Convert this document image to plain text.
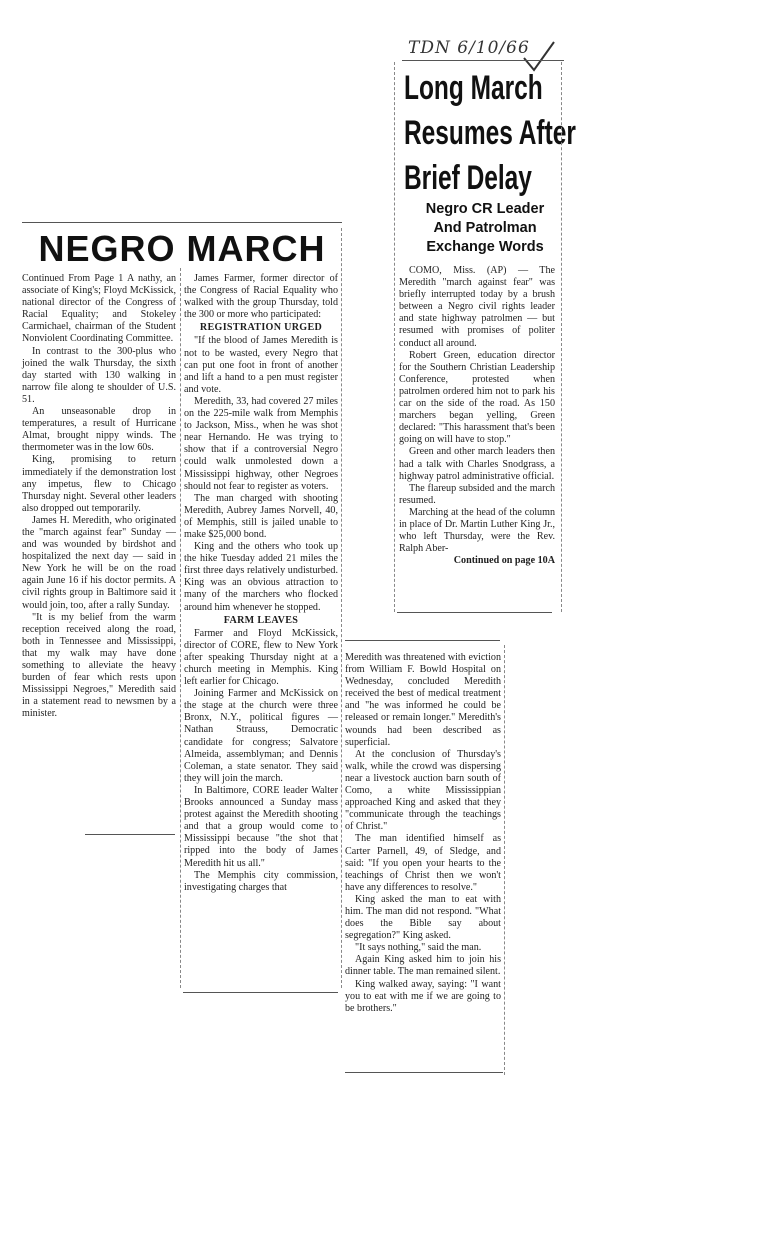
TDN 6/10/66
Long March
Resumes After
Brief Delay
Negro CR Leader
And Patrolman
Exchange Words

COMO, Miss. (AP) — The Meredith "march against fear" was briefly interrupted today by a brush between a Negro civil rights leader and state highway patrolmen — but resumed with promises of politer conduct all around.

Robert Green, education director for the Southern Christian Leadership Conference, protested when patrolmen ordered him not to park his car on the side of the road. As 150 marchers began yelling, Green declared: "This harassment that's been going on will have to stop."

Green and other march leaders then had a talk with Charles Snodgrass, a highway patrol administrative official.

The flareup subsided and the march resumed.

Marching at the head of the column in place of Dr. Martin Luther King Jr., who left Thursday, were the Rev. Ralph Aber-

Continued on page 10A

NEGRO MARCH

Continued From Page 1 A nathy, an associate of King's; Floyd McKissick, national director of the Congress of Racial Equality; and Stokeley Carmichael, chairman of the Student Nonviolent Coordinating Committee.

In contrast to the 300-plus who joined the walk Thursday, the sixth day started with 130 walking in narrow file along te shoulder of U.S. 51.

An unseasonable drop in temperatures, a result of Hurricane Almat, brought nippy winds. The thermometer was in the low 60s.

King, promising to return immediately if the demonstration lost any impetus, flew to Chicago Thursday night. Several other leaders also dropped out temporarily.

James H. Meredith, who originated the "march against fear" Sunday — and was wounded by birdshot and hospitalized the next day — said in New York he will be on the road again June 16 if his doctor permits. A civil rights group in Baltimore said it would join, too, after a rally Sunday.

"It is my belief from the warm reception received along the road, both in Tennessee and Mississippi, that my walk may have done something to alleviate the heavy burden of fear which rests upon Mississippi Negroes," Meredith said in a statement read to newsmen by a minister.

James Farmer, former director of the Congress of Racial Equality who walked with the group Thursday, told the 300 or more who participated:

REGISTRATION URGED

"If the blood of James Meredith is not to be wasted, every Negro that can put one foot in front of another and lift a hand to a pen must register and vote.

Meredith, 33, had covered 27 miles on the 225-mile walk from Memphis to Jackson, Miss., when he was shot near Hernando. He was trying to show that if a controversial Negro could walk unmolested down a Mississippi highway, other Negroes should not fear to register as voters.

The man charged with shooting Meredith, Aubrey James Norvell, 40, of Memphis, still is jailed unable to make $25,000 bond.

King and the others who took up the hike Tuesday added 21 miles the first three days relatively undisturbed. King was an obvious attraction to many of the marchers who flocked around him whenever he stopped.

FARM LEAVES

Farmer and Floyd McKissick, director of CORE, flew to New York after speaking Thursday night at a church meeting in Memphis. King left earlier for Chicago.

Joining Farmer and McKissick on the stage at the church were three Bronx, N.Y., political figures — Nathan Strauss, Democratic candidate for congress; Salvatore Almeida, assemblyman; and Dennis Coleman, a state senator. They said they will join the march.

In Baltimore, CORE leader Walter Brooks announced a Sunday mass protest against the Meredith shooting and that a group would come to Mississippi because "the shot that ripped into the body of James Meredith hit us all."

The Memphis city commission, investigating charges that

Meredith was threatened with eviction from William F. Bowld Hospital on Wednesday, concluded Meredith received the best of medical treatment and "he was informed he could be released or remain longer." Meredith's wounds had been described as superficial.

At the conclusion of Thursday's walk, while the crowd was dispersing near a livestock auction barn south of Como, a white Mississippian approached King and asked that they "communicate through the teachings of Christ."

The man identified himself as Carter Parnell, 49, of Sledge, and said: "If you open your hearts to the teachings of Christ then we won't have any differences to resolve."

King asked the man to eat with him. The man did not respond. "What does the Bible say about segregation?" King asked.

"It says nothing," said the man.

Again King asked him to join his dinner table. The man remained silent.

King walked away, saying: "I want you to eat with me if we are going to be brothers."
